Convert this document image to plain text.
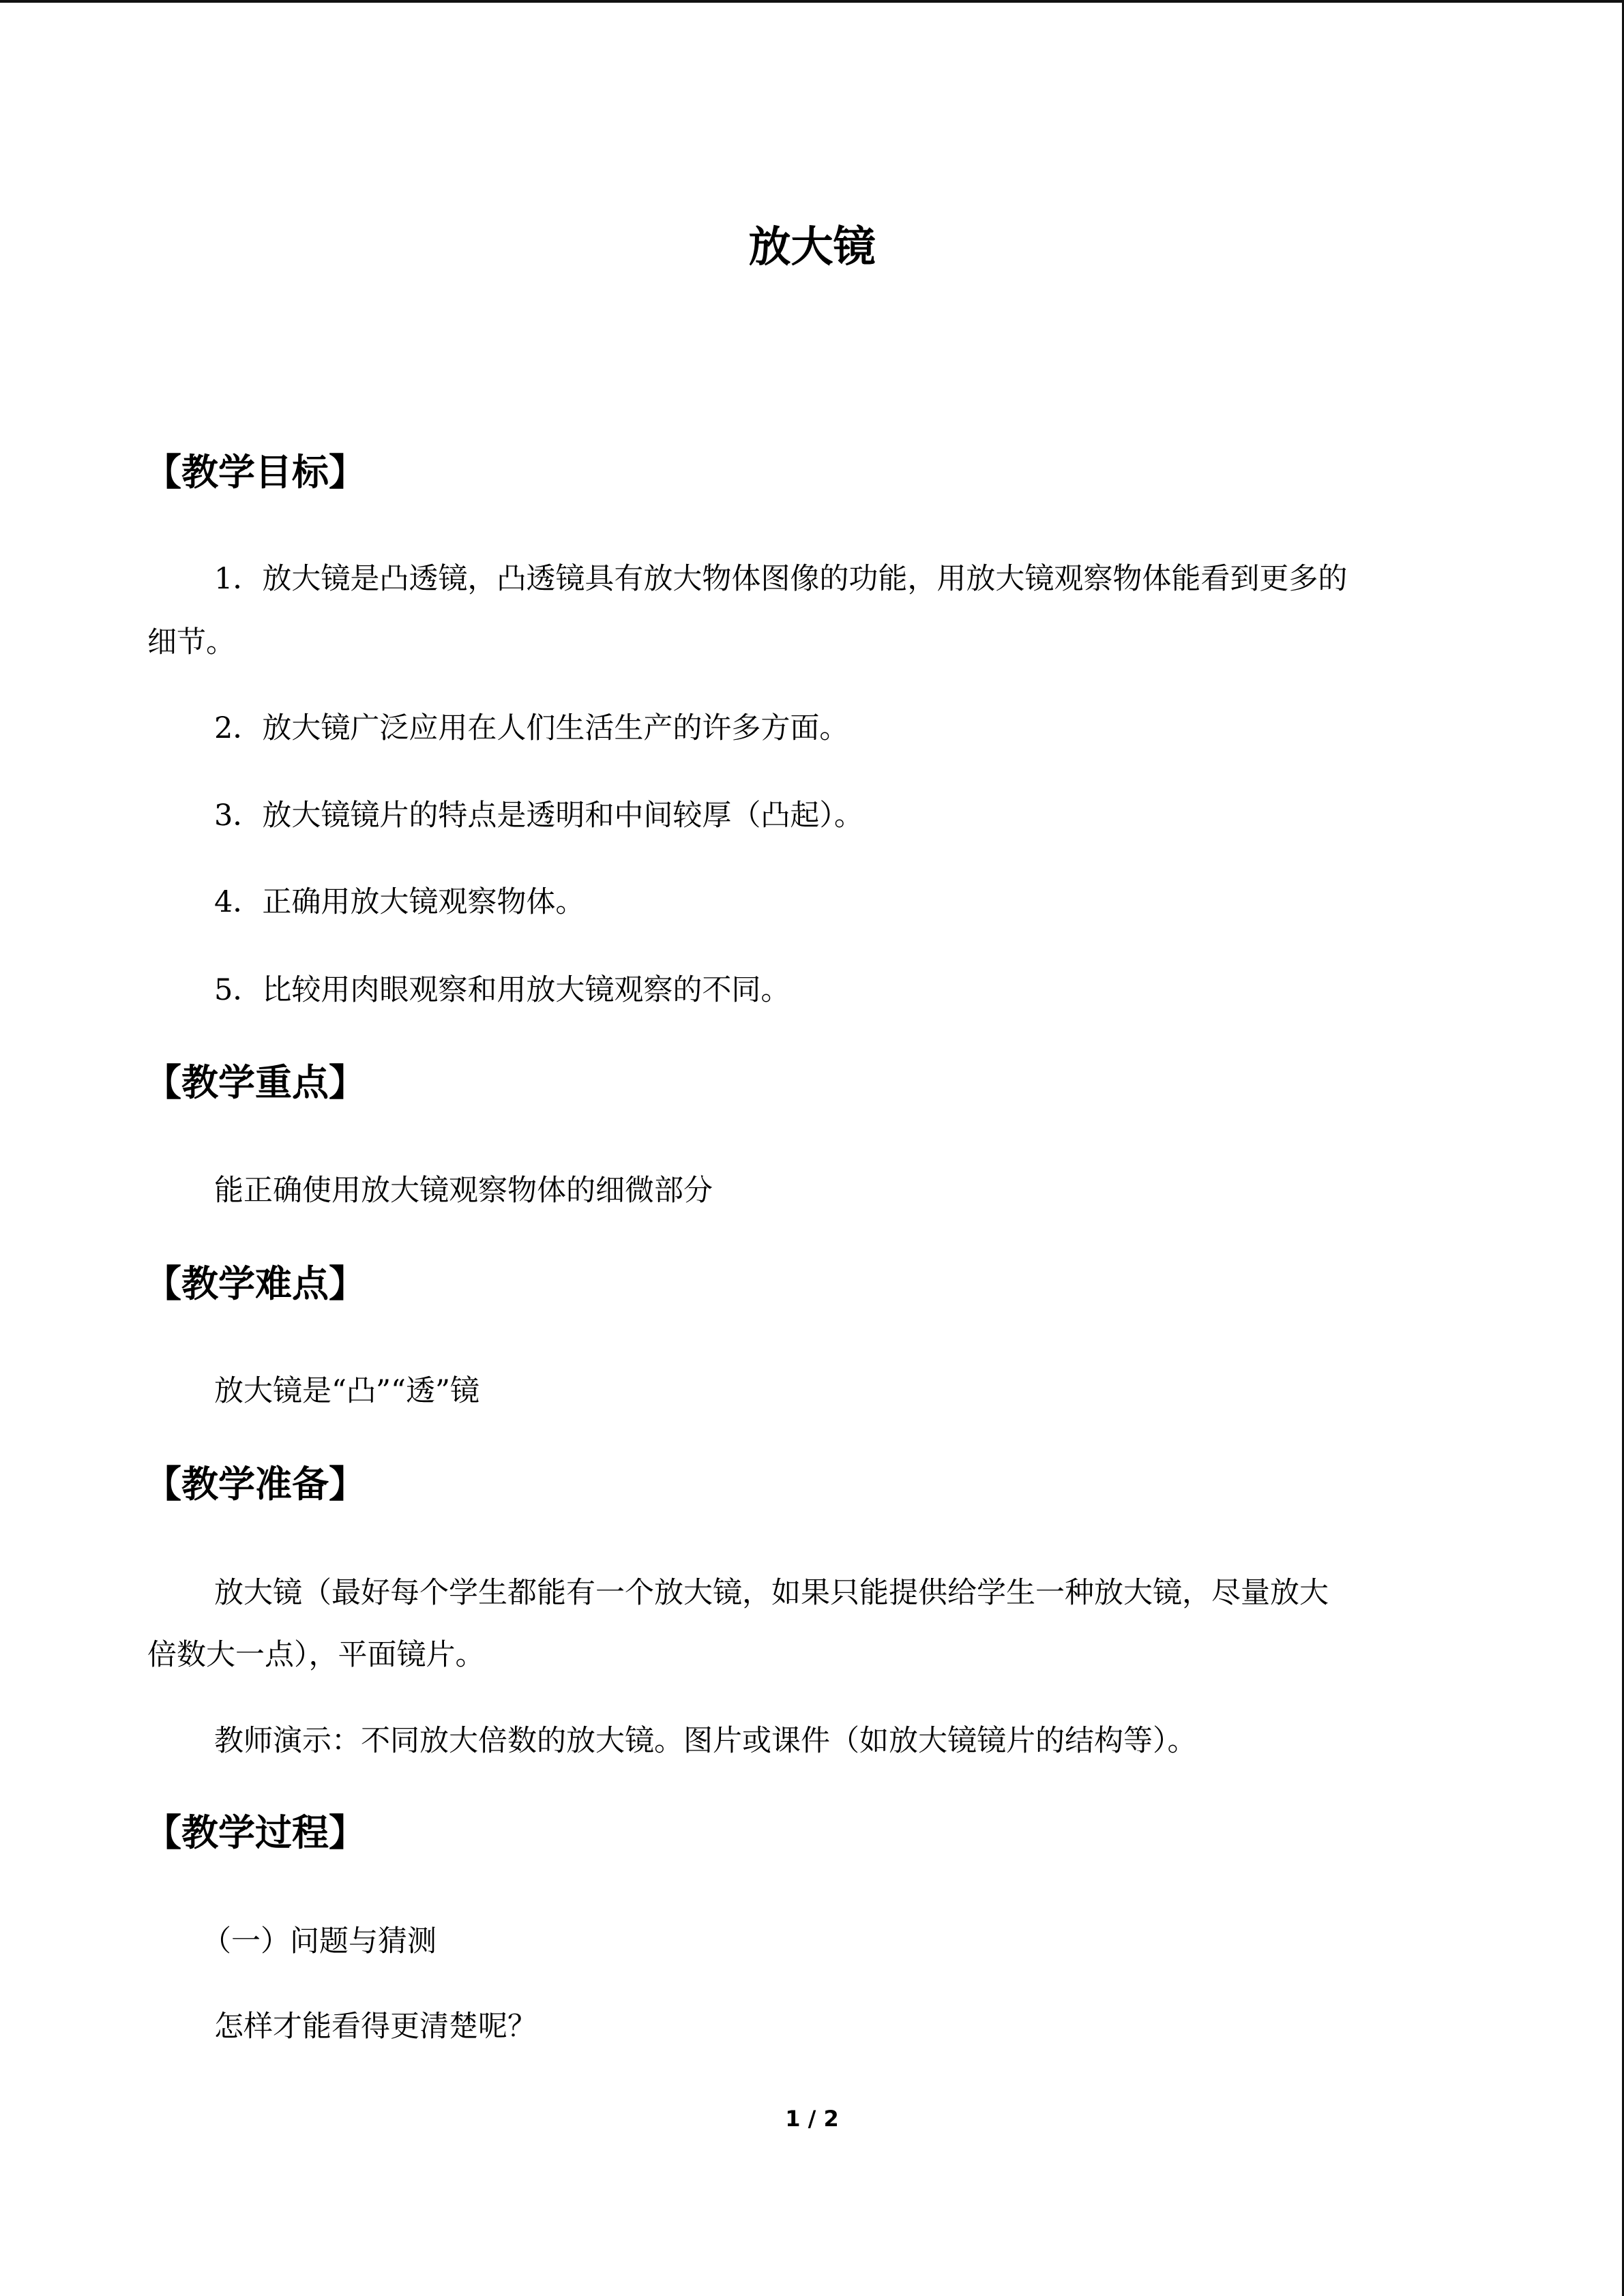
放大镜
【教学目标】
1．放大镜是凸透镜，凸透镜具有放大物体图像的功能，用放大镜观察物体能看到更多的
细节。
2．放大镜广泛应用在人们生活生产的许多方面。
3．放大镜镜片的特点是透明和中间较厚（凸起）。
4．正确用放大镜观察物体。
5．比较用肉眼观察和用放大镜观察的不同。
【教学重点】
能正确使用放大镜观察物体的细微部分
【教学难点】
放大镜是“凸”“透”镜
【教学准备】
放大镜（最好每个学生都能有一个放大镜，如果只能提供给学生一种放大镜，尽量放大
倍数大一点），平面镜片。
教师演示：不同放大倍数的放大镜。图片或课件（如放大镜镜片的结构等）。
【教学过程】
（一）问题与猜测
怎样才能看得更清楚呢？
1 / 2
